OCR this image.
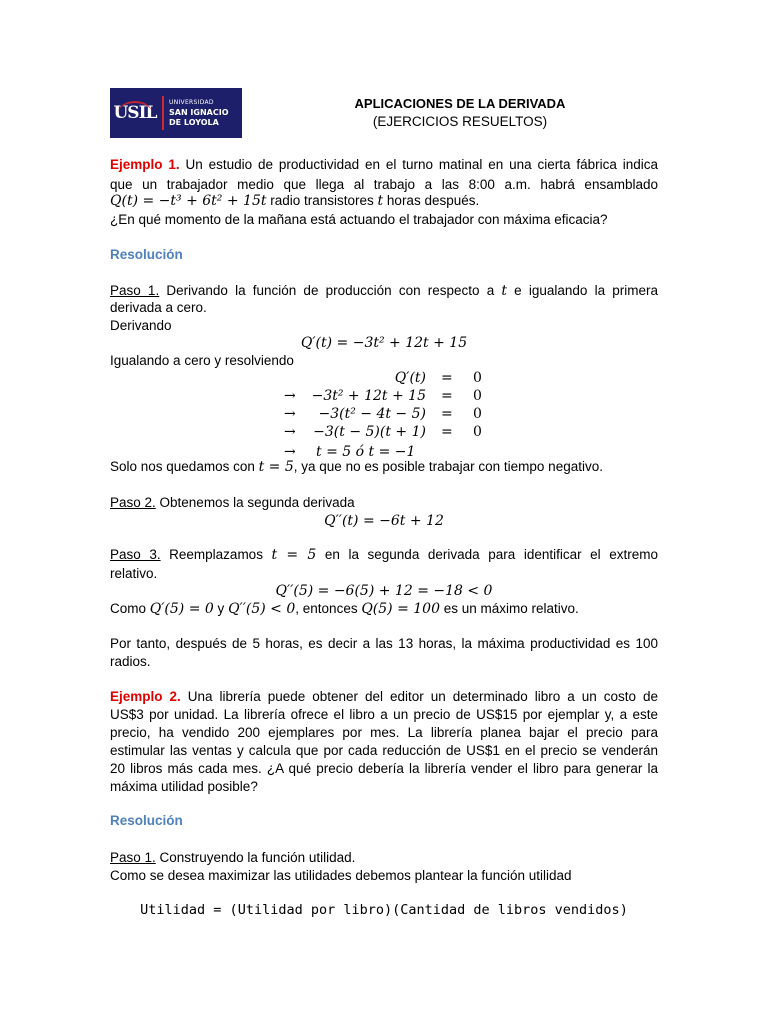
USIL
UNIVERSIDAD
SAN IGNACIO
DE LOYOLA
APLICACIONES DE LA DERIVADA
(EJERCICIOS RESUELTOS)
Ejemplo 1. Un estudio de productividad en el turno matinal en una cierta fábrica indica
que un trabajador medio que llega al trabajo a las 8:00 a.m. habrá ensamblado
Q(t) = −t³ + 6t² + 15t radio transistores t horas después.
¿En qué momento de la mañana está actuando el trabajador con máxima eficacia?
Resolución
Paso 1. Derivando la función de producción con respecto a t e igualando la primera
derivada a cero.
Derivando
Q′(t) = −3t² + 12t + 15
Igualando a cero y resolviendo
Q′(t) = 0
→ −3t² + 12t + 15 = 0
→ −3(t² − 4t − 5) = 0
→ −3(t − 5)(t + 1) = 0
→ t = 5 ó t = −1
Solo nos quedamos con t = 5, ya que no es posible trabajar con tiempo negativo.
Paso 2. Obtenemos la segunda derivada
Q′′(t) = −6t + 12
Paso 3. Reemplazamos t = 5 en la segunda derivada para identificar el extremo
relativo.
Q′′(5) = −6(5) + 12 = −18 < 0
Como Q′(5) = 0 y Q′′(5) < 0, entonces Q(5) = 100 es un máximo relativo.
Por tanto, después de 5 horas, es decir a las 13 horas, la máxima productividad es 100
radios.
Ejemplo 2. Una librería puede obtener del editor un determinado libro a un costo de
US$3 por unidad. La librería ofrece el libro a un precio de US$15 por ejemplar y, a este
precio, ha vendido 200 ejemplares por mes. La librería planea bajar el precio para
estimular las ventas y calcula que por cada reducción de US$1 en el precio se venderán
20 libros más cada mes. ¿A qué precio debería la librería vender el libro para generar la
máxima utilidad posible?
Resolución
Paso 1. Construyendo la función utilidad.
Como se desea maximizar las utilidades debemos plantear la función utilidad
Utilidad = (Utilidad por libro)(Cantidad de libros vendidos)
